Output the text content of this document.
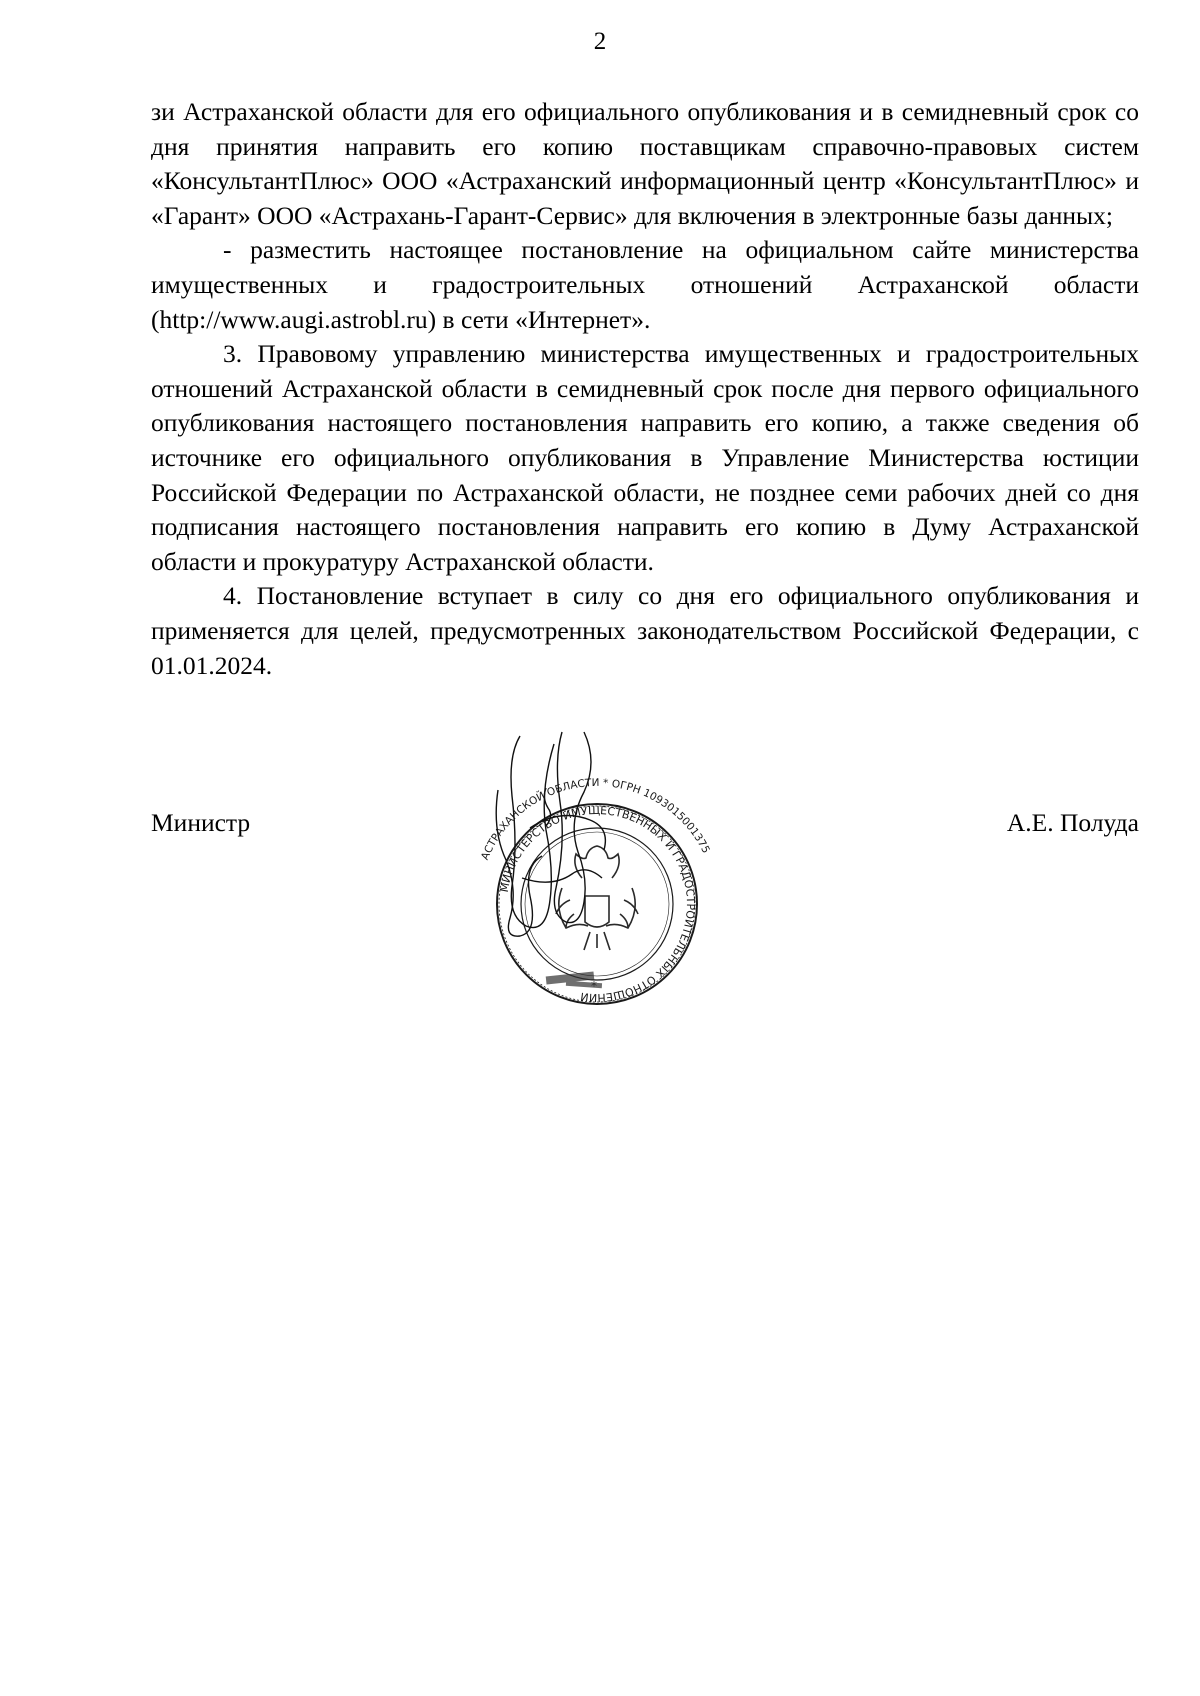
2

зи Астраханской области для его официального опубликования и в семидневный срок со дня принятия направить его копию поставщикам справочно-правовых систем «КонсультантПлюс» ООО «Астраханский информационный центр «КонсультантПлюс» и «Гарант» ООО «Астрахань-Гарант-Сервис» для включения в электронные базы данных;

- разместить настоящее постановление на официальном сайте министерства имущественных и градостроительных отношений Астраханской области (http://www.augi.astrobl.ru) в сети «Интернет».

3. Правовому управлению министерства имущественных и градостроительных отношений Астраханской области в семидневный срок после дня первого официального опубликования настоящего постановления направить его копию, а также сведения об источнике его официального опубликования в Управление Министерства юстиции Российской Федерации по Астраханской области, не позднее семи рабочих дней со дня подписания настоящего постановления направить его копию в Думу Астраханской области и прокуратуру Астраханской области.

4. Постановление вступает в силу со дня его официального опубликования и применяется для целей, предусмотренных законодательством Российской Федерации, с 01.01.2024.

Министр	А.Е. Полуда
МИНИСТЕРСТВО ИМУЩЕСТВЕННЫХ И ГРАДОСТРОИТЕЛЬНЫХ ОТНОШЕНИЙ
АСТРАХАНСКОЙ ОБЛАСТИ * ОГРН 1093015001375
